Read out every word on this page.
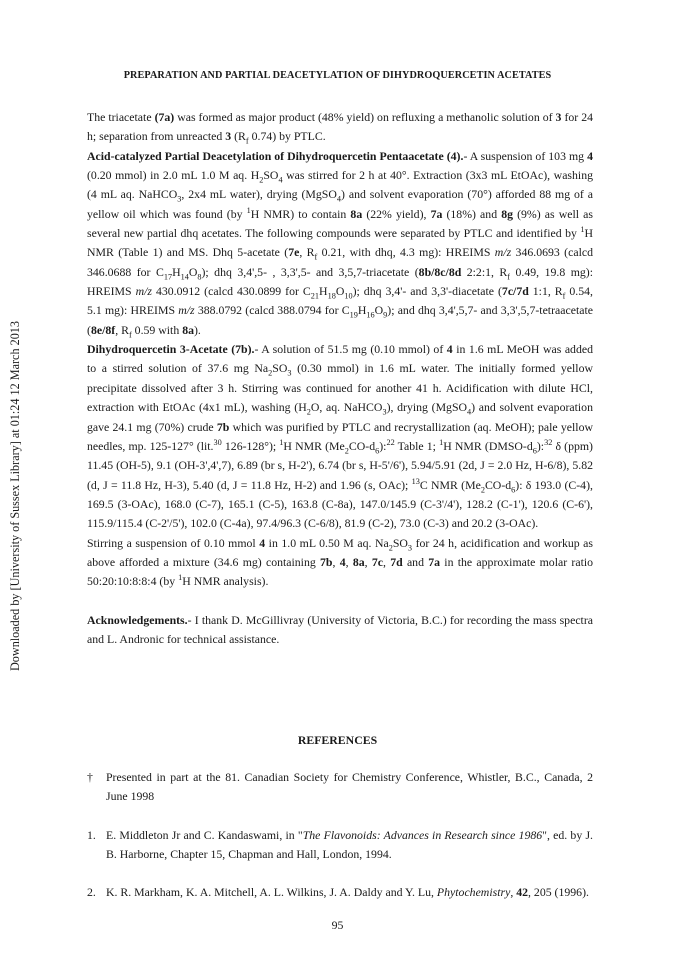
PREPARATION AND PARTIAL DEACETYLATION OF DIHYDROQUERCETIN ACETATES
Downloaded by [University of Sussex Library] at 01:24 12 March 2013

The triacetate (7a) was formed as major product (48% yield) on refluxing a methanolic solution of 3 for 24 h; separation from unreacted 3 ($R_f$ 0.74) by PTLC.

Acid-catalyzed Partial Deacetylation of Dihydroquercetin Pentaacetate (4).- A suspension of 103 mg 4 (0.20 mmol) in 2.0 mL 1.0 M aq. $H_2SO_4$ was stirred for 2 h at 40°. Extraction (3x3 mL EtOAc), washing (4 mL aq. NaHCO$_3$, 2x4 mL water), drying (MgSO$_4$) and solvent evaporation (70°) afforded 88 mg of a yellow oil which was found (by $^1$H NMR) to contain 8a (22% yield), 7a (18%) and 8g (9%) as well as several new partial dhq acetates. The following compounds were separated by PTLC and identified by $^1$H NMR (Table 1) and MS. Dhq 5-acetate (7e, $R_f$ 0.21, with dhq, 4.3 mg): HREIMS m/z 346.0693 (calcd 346.0688 for $C_{17}H_{14}O_8$); dhq 3,4',5- , 3,3',5- and 3,5,7-triacetate (8b/8c/8d 2:2:1, $R_f$ 0.49, 19.8 mg): HREIMS m/z 430.0912 (calcd 430.0899 for $C_{21}H_{18}O_{10}$); dhq 3,4'- and 3,3'-diacetate (7c/7d 1:1, $R_f$ 0.54, 5.1 mg): HREIMS m/z 388.0792 (calcd 388.0794 for $C_{19}H_{16}O_9$); and dhq 3,4',5,7- and 3,3',5,7-tetraacetate (8e/8f, $R_f$ 0.59 with 8a).

Dihydroquercetin 3-Acetate (7b).- A solution of 51.5 mg (0.10 mmol) of 4 in 1.6 mL MeOH was added to a stirred solution of 37.6 mg $Na_2SO_3$ (0.30 mmol) in 1.6 mL water. The initially formed yellow precipitate dissolved after 3 h. Stirring was continued for another 41 h. Acidification with dilute HCl, extraction with EtOAc (4x1 mL), washing ($H_2O$, aq. NaHCO$_3$), drying (MgSO$_4$) and solvent evaporation gave 24.1 mg (70%) crude 7b which was purified by PTLC and recrystallization (aq. MeOH); pale yellow needles, mp. 125-127° (lit.$^{30}$ 126-128°); $^1$H NMR $(Me_2CO-d_6):^{22}$ Table 1; $^1$H NMR $(DMSO-d_6):^{32}$ δ (ppm) 11.45 (OH-5), 9.1 (OH-3',4',7), 6.89 (br s, H-2'), 6.74 (br s, H-5'/6'), 5.94/5.91 (2d, J = 2.0 Hz, H-6/8), 5.82 (d, J = 11.8 Hz, H-3), 5.40 (d, J = 11.8 Hz, H-2) and 1.96 (s, OAc); $^{13}$C NMR $(Me_2CO-d_6)$: δ 193.0 (C-4), 169.5 (3-OAc), 168.0 (C-7), 165.1 (C-5), 163.8 (C-8a), 147.0/145.9 (C-3'/4'), 128.2 (C-1'), 120.6 (C-6'), 115.9/115.4 (C-2'/5'), 102.0 (C-4a), 97.4/96.3 (C-6/8), 81.9 (C-2), 73.0 (C-3) and 20.2 (3-OAc).

Stirring a suspension of 0.10 mmol 4 in 1.0 mL 0.50 M aq. $Na_2SO_3$ for 24 h, acidification and workup as above afforded a mixture (34.6 mg) containing 7b, 4, 8a, 7c, 7d and 7a in the approximate molar ratio 50:20:10:8:8:4 (by $^1$H NMR analysis).

Acknowledgements.- I thank D. McGillivray (University of Victoria, B.C.) for recording the mass spectra and L. Andronic for technical assistance.

REFERENCES
† Presented in part at the 81. Canadian Society for Chemistry Conference, Whistler, B.C., Canada, 2 June 1998
1. E. Middleton Jr and C. Kandaswami, in "The Flavonoids: Advances in Research since 1986", ed. by J. B. Harborne, Chapter 15, Chapman and Hall, London, 1994.
2. K. R. Markham, K. A. Mitchell, A. L. Wilkins, J. A. Daldy and Y. Lu, Phytochemistry, 42, 205 (1996).
95
